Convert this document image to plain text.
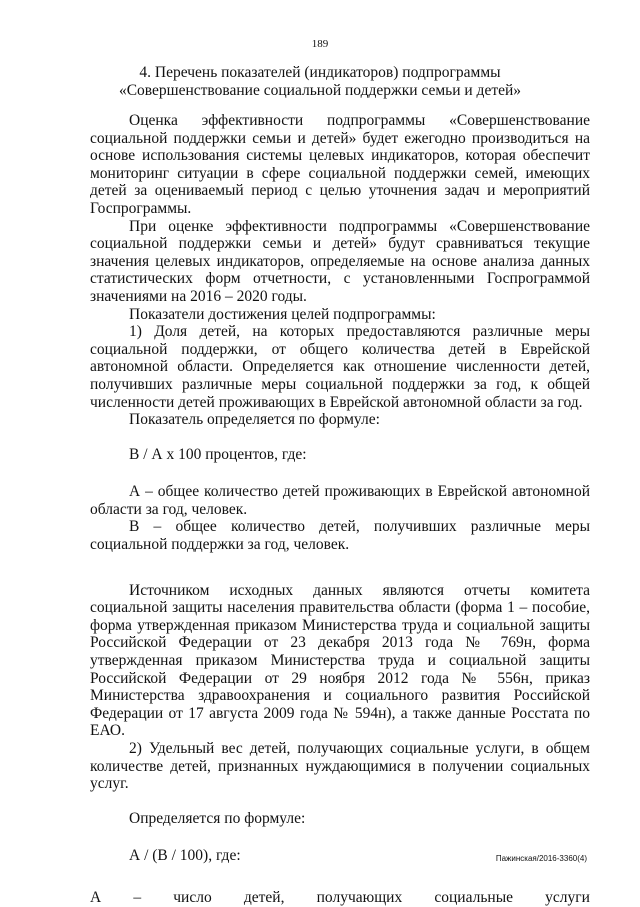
189
4. Перечень показателей (индикаторов) подпрограммы
«Совершенствование социальной поддержки семьи и детей»

Оценка эффективности подпрограммы «Совершенствование социальной поддержки семьи и детей» будет ежегодно производиться на основе использования системы целевых индикаторов, которая обеспечит мониторинг ситуации в сфере социальной поддержки семей, имеющих детей за оцениваемый период с целью уточнения задач и мероприятий Госпрограммы.

При оценке эффективности подпрограммы «Совершенствование социальной поддержки семьи и детей» будут сравниваться текущие значения целевых индикаторов, определяемые на основе анализа данных статистических форм отчетности, с установленными Госпрограммой значениями на 2016 – 2020 годы.

Показатели достижения целей подпрограммы:

1) Доля детей, на которых предоставляются различные меры социальной поддержки, от общего количества детей в Еврейской автономной области. Определяется как отношение численности детей, получивших различные меры социальной поддержки за год, к общей численности детей проживающих в Еврейской автономной области за год.

Показатель определяется по формуле:

В / А х 100 процентов, где:

А – общее количество детей проживающих в Еврейской автономной области за год, человек.

В – общее количество детей, получивших различные меры социальной поддержки за год, человек.

Источником исходных данных являются отчеты комитета социальной защиты населения правительства области (форма 1 – пособие, форма утвержденная приказом Министерства труда и социальной защиты Российской Федерации от 23 декабря 2013 года № 769н, форма утвержденная приказом Министерства труда и социальной защиты Российской Федерации от 29 ноября 2012 года № 556н, приказ Министерства здравоохранения и социального развития Российской Федерации от 17 августа 2009 года № 594н), а также данные Росстата по ЕАО.

2) Удельный вес детей, получающих социальные услуги, в общем количестве детей, признанных нуждающимися в получении социальных услуг.

Определяется по формуле:

А / (В / 100), где:

А – число детей, получающих социальные услуги
Пажинская/2016-3360(4)
